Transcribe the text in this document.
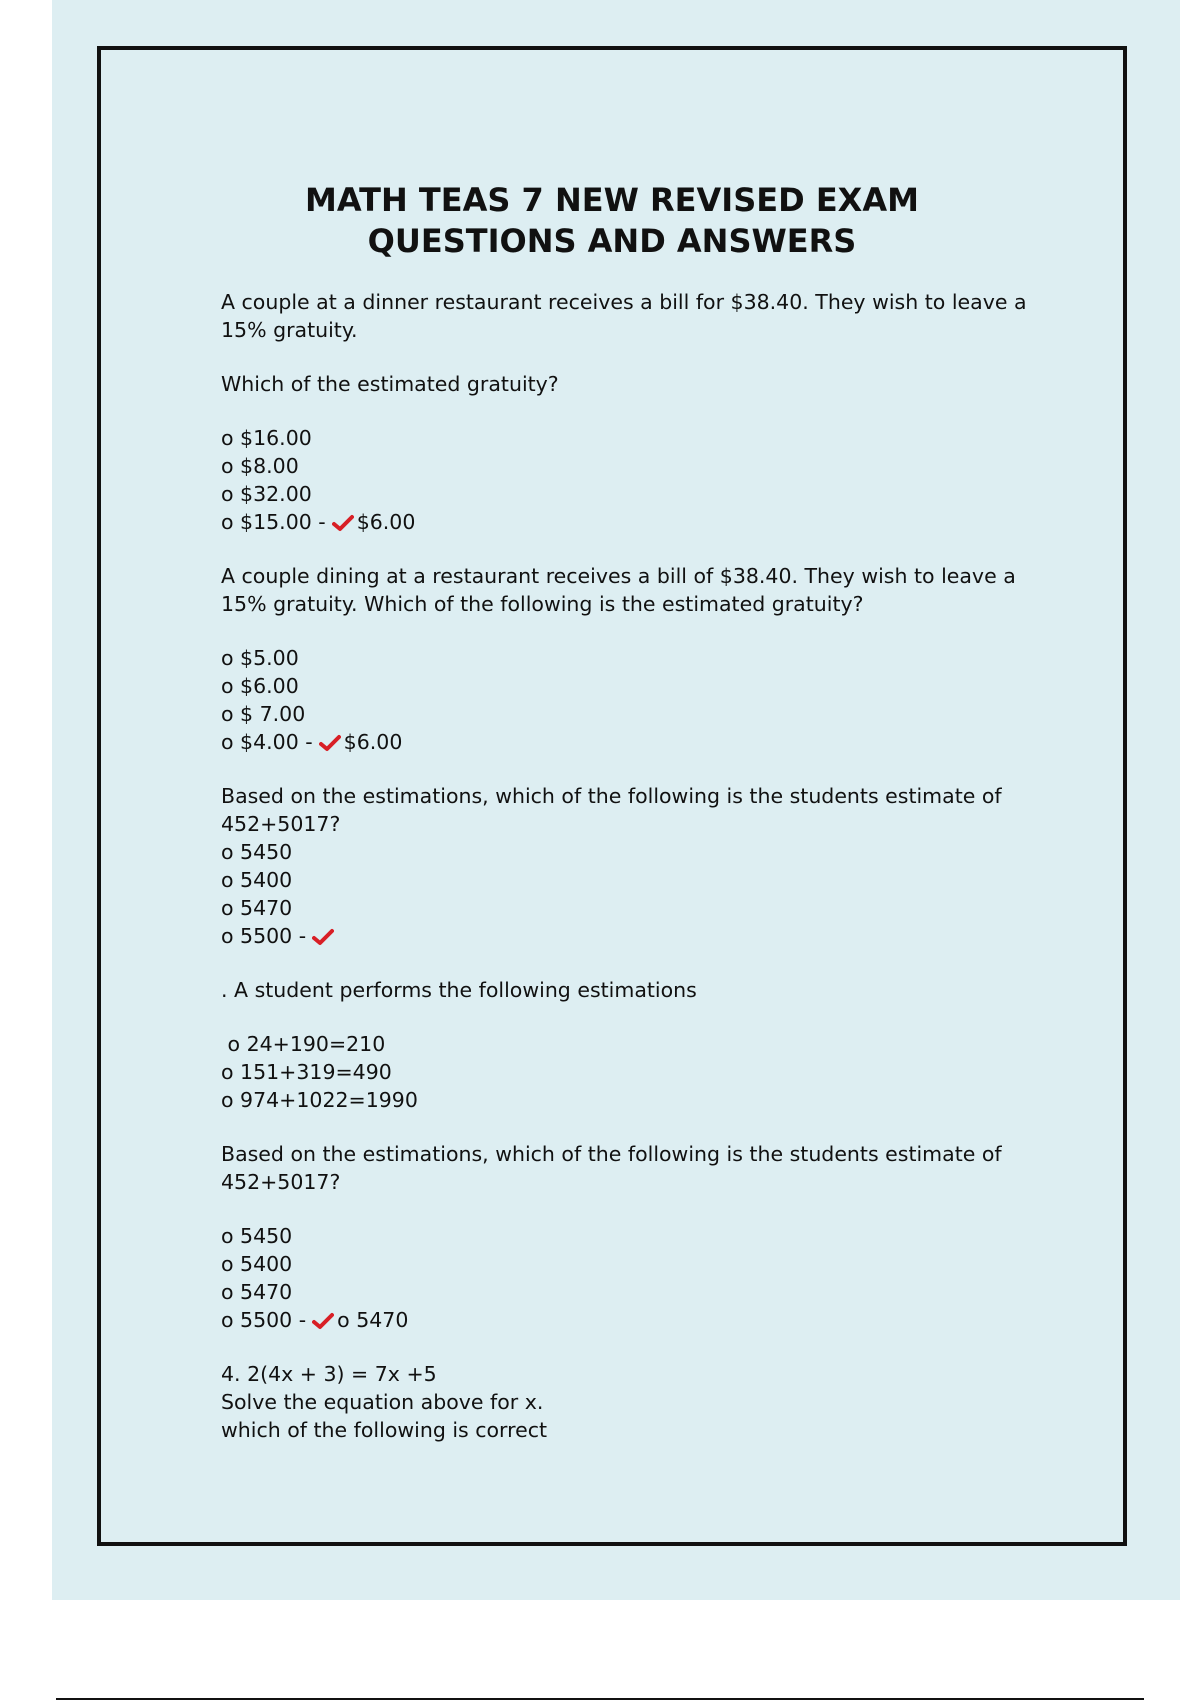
MATH TEAS 7 NEW REVISED EXAM
QUESTIONS AND ANSWERS

A couple at a dinner restaurant receives a bill for $38.40. They wish to leave a

15% gratuity.

Which of the estimated gratuity?

o $16.00

o $8.00

o $32.00

o $15.00 - $6.00

A couple dining at a restaurant receives a bill of $38.40. They wish to leave a

15% gratuity. Which of the following is the estimated gratuity?

o $5.00

o $6.00

o $ 7.00

o $4.00 - $6.00

Based on the estimations, which of the following is the students estimate of

452+5017?

o 5450

o 5400

o 5470

o 5500 -

. A student performs the following estimations

o 24+190=210

o 151+319=490

o 974+1022=1990

Based on the estimations, which of the following is the students estimate of

452+5017?

o 5450

o 5400

o 5470

o 5500 - o 5470

4. 2(4x + 3) = 7x +5

Solve the equation above for x.

which of the following is correct
